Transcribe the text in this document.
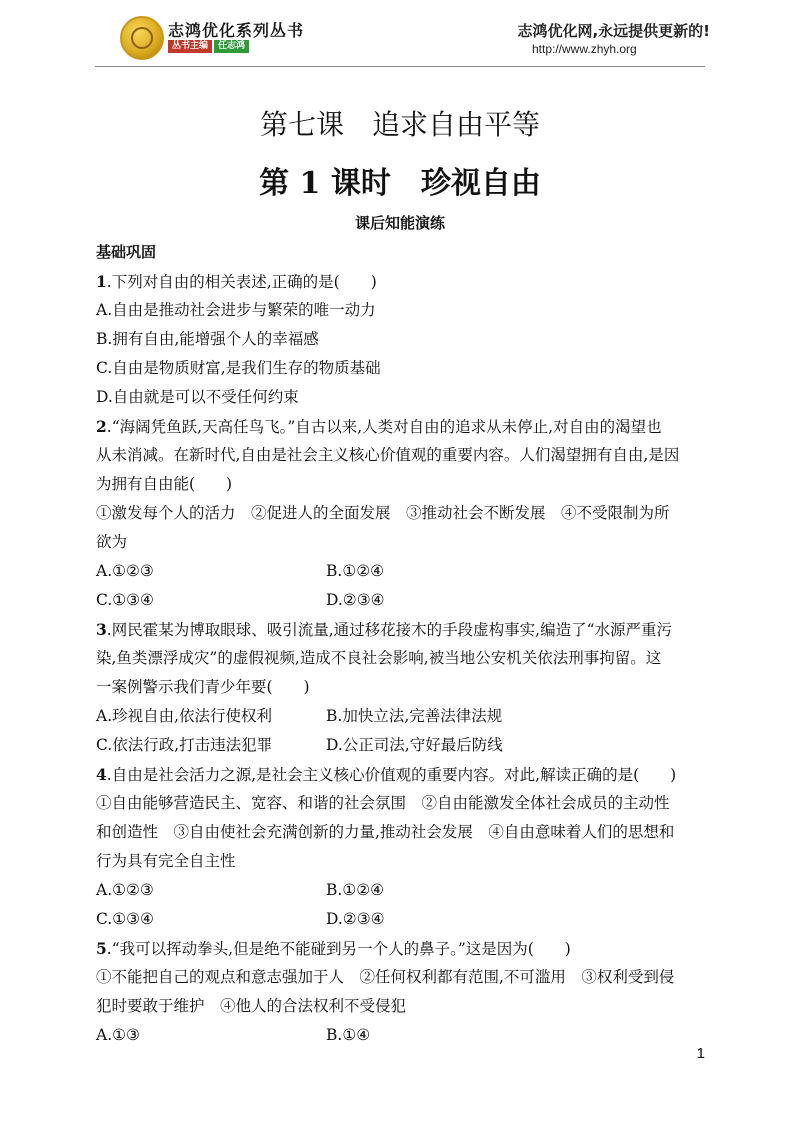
志鸿优化系列丛书
丛书主编	任志鸿
志鸿优化网,永远提供更新的!
http://www.zhyh.org
第七课　追求自由平等
第 1 课时　珍视自由
课后知能演练
基础巩固
1.下列对自由的相关表述,正确的是(　　)
A.自由是推动社会进步与繁荣的唯一动力
B.拥有自由,能增强个人的幸福感
C.自由是物质财富,是我们生存的物质基础
D.自由就是可以不受任何约束
2.“海阔凭鱼跃,天高任鸟飞。”自古以来,人类对自由的追求从未停止,对自由的渴望也
从未消减。在新时代,自由是社会主义核心价值观的重要内容。人们渴望拥有自由,是因
为拥有自由能(　　)
①激发每个人的活力　②促进人的全面发展　③推动社会不断发展　④不受限制为所
欲为
A.①②③	B.①②④
C.①③④	D.②③④
3.网民霍某为博取眼球、吸引流量,通过移花接木的手段虚构事实,编造了“水源严重污
染,鱼类漂浮成灾”的虚假视频,造成不良社会影响,被当地公安机关依法刑事拘留。这
一案例警示我们青少年要(　　)
A.珍视自由,依法行使权利	B.加快立法,完善法律法规
C.依法行政,打击违法犯罪	D.公正司法,守好最后防线
4.自由是社会活力之源,是社会主义核心价值观的重要内容。对此,解读正确的是(　　)
①自由能够营造民主、宽容、和谐的社会氛围　②自由能激发全体社会成员的主动性
和创造性　③自由使社会充满创新的力量,推动社会发展　④自由意味着人们的思想和
行为具有完全自主性
A.①②③	B.①②④
C.①③④	D.②③④
5.“我可以挥动拳头,但是绝不能碰到另一个人的鼻子。”这是因为(　　)
①不能把自己的观点和意志强加于人　②任何权利都有范围,不可滥用　③权利受到侵
犯时要敢于维护　④他人的合法权利不受侵犯
A.①③	B.①④
1
